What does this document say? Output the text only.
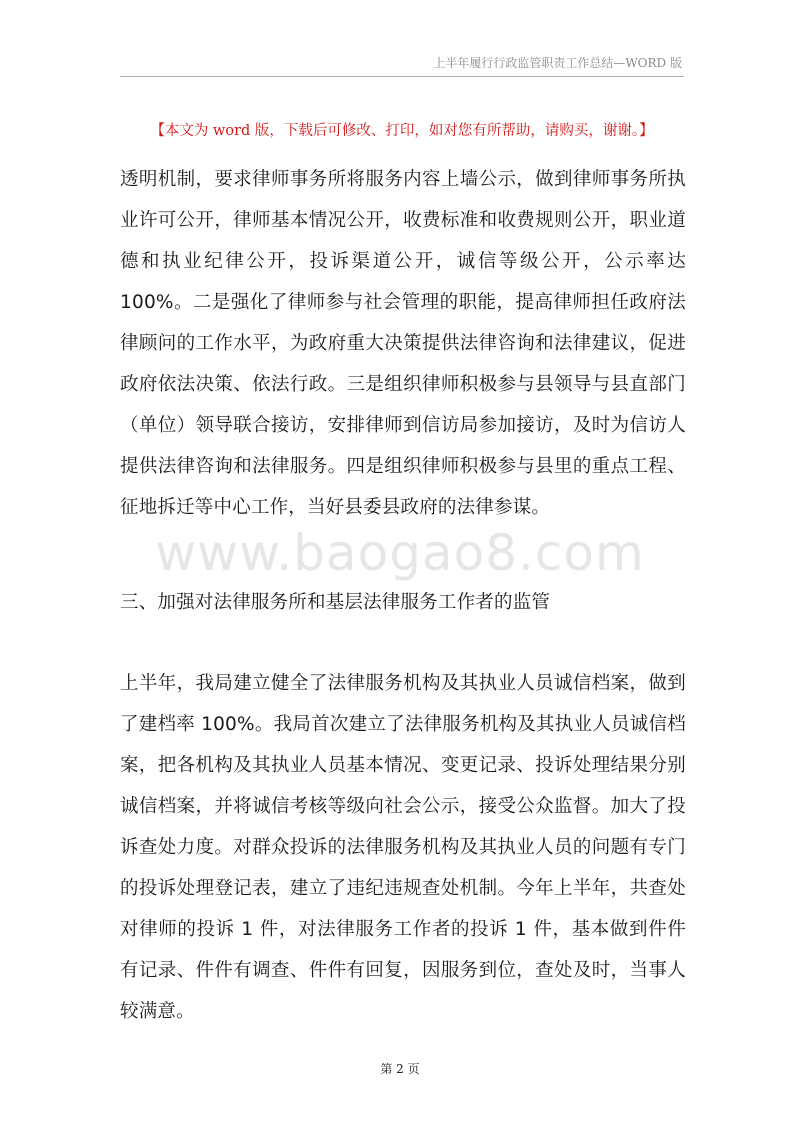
上半年履行行政监管职责工作总结—WORD 版
【本文为 word 版，下载后可修改、打印，如对您有所帮助，请购买，谢谢。】
透明机制，要求律师事务所将服务内容上墙公示，做到律师事务所执业许可公开，律师基本情况公开，收费标准和收费规则公开，职业道德和执业纪律公开，投诉渠道公开，诚信等级公开，公示率达 100%。二是强化了律师参与社会管理的职能，提高律师担任政府法律顾问的工作水平，为政府重大决策提供法律咨询和法律建议，促进政府依法决策、依法行政。三是组织律师积极参与县领导与县直部门（单位）领导联合接访，安排律师到信访局参加接访，及时为信访人提供法律咨询和法律服务。四是组织律师积极参与县里的重点工程、征地拆迁等中心工作，当好县委县政府的法律参谋。
www.baogao8.com
三、加强对法律服务所和基层法律服务工作者的监管
上半年，我局建立健全了法律服务机构及其执业人员诚信档案，做到了建档率 100%。我局首次建立了法律服务机构及其执业人员诚信档案，把各机构及其执业人员基本情况、变更记录、投诉处理结果分别诚信档案，并将诚信考核等级向社会公示，接受公众监督。加大了投诉查处力度。对群众投诉的法律服务机构及其执业人员的问题有专门的投诉处理登记表，建立了违纪违规查处机制。今年上半年，共查处对律师的投诉 1 件，对法律服务工作者的投诉 1 件，基本做到件件有记录、件件有调查、件件有回复，因服务到位，查处及时，当事人较满意。
第 2 页
